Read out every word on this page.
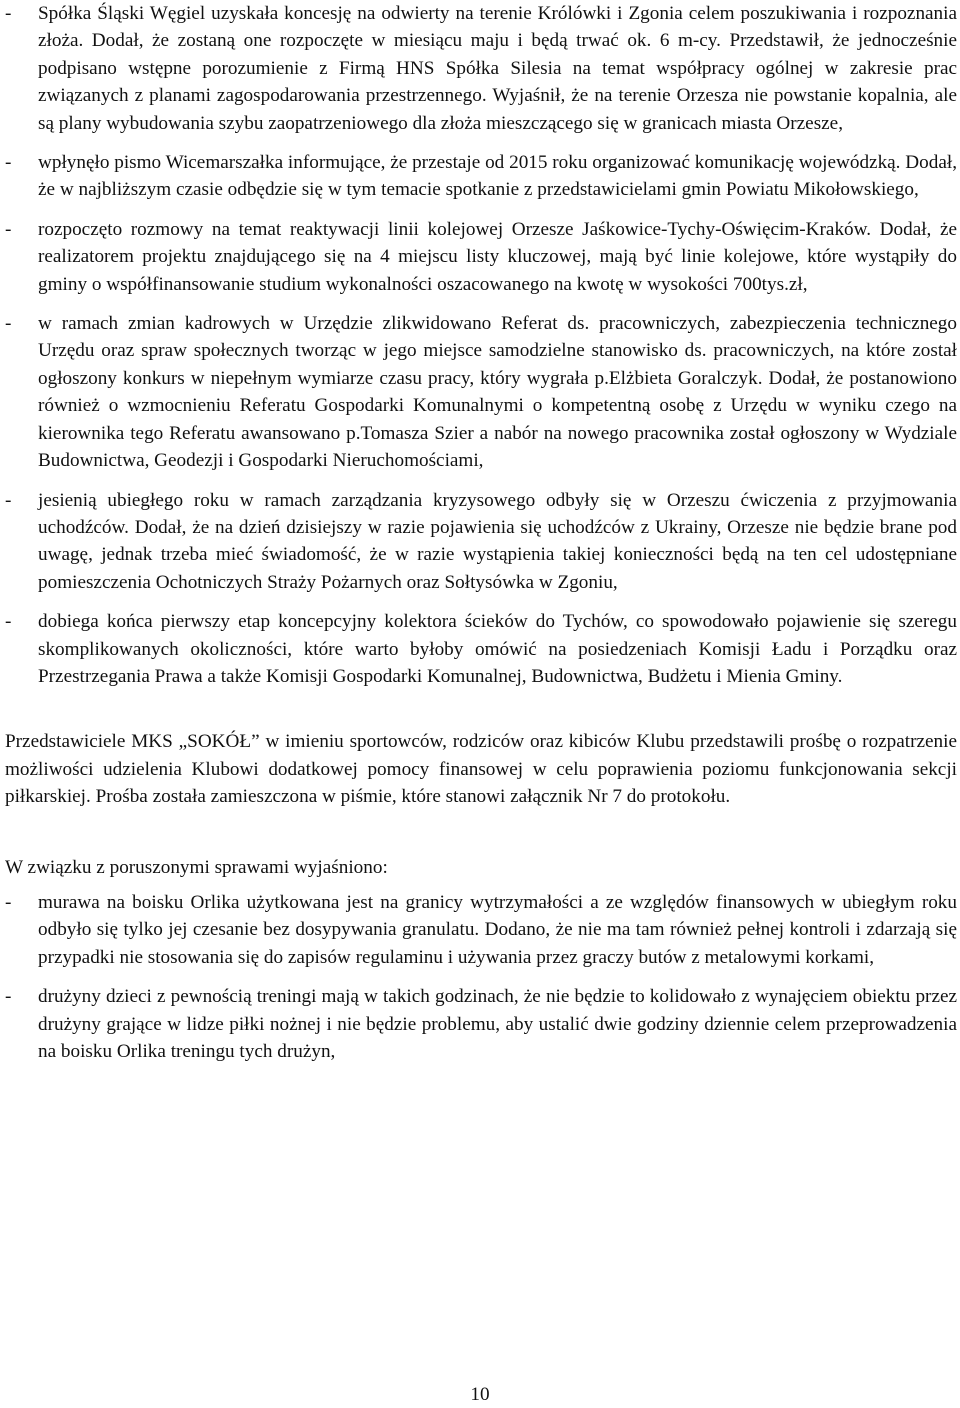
- Spółka Śląski Węgiel uzyskała koncesję na odwierty na terenie Królówki i Zgonia celem poszukiwania i rozpoznania złoża. Dodał, że zostaną one rozpoczęte w miesiącu maju i będą trwać ok. 6 m-cy. Przedstawił, że jednocześnie podpisano wstępne porozumienie z Firmą HNS Spółka Silesia na temat współpracy ogólnej w zakresie prac związanych z planami zagospodarowania przestrzennego. Wyjaśnił, że na terenie Orzesza nie powstanie kopalnia, ale są plany wybudowania szybu zaopatrzeniowego dla złoża mieszczącego się w granicach miasta Orzesze,
- wpłynęło pismo Wicemarszałka informujące, że przestaje od 2015 roku organizować komunikację wojewódzką. Dodał, że w najbliższym czasie odbędzie się w tym temacie spotkanie z przedstawicielami gmin Powiatu Mikołowskiego,
- rozpoczęto rozmowy na temat reaktywacji linii kolejowej Orzesze Jaśkowice-Tychy-Oświęcim-Kraków. Dodał, że realizatorem projektu znajdującego się na 4 miejscu listy kluczowej, mają być linie kolejowe, które wystąpiły do gminy o współfinansowanie studium wykonalności oszacowanego na kwotę w wysokości 700tys.zł,
- w ramach zmian kadrowych w Urzędzie zlikwidowano Referat ds. pracowniczych, zabezpieczenia technicznego Urzędu oraz spraw społecznych tworząc w jego miejsce samodzielne stanowisko ds. pracowniczych, na które został ogłoszony konkurs w niepełnym wymiarze czasu pracy, który wygrała p.Elżbieta Goralczyk. Dodał, że postanowiono również o wzmocnieniu Referatu Gospodarki Komunalnymi o kompetentną osobę z Urzędu w wyniku czego na kierownika tego Referatu awansowano p.Tomasza Szier a nabór na nowego pracownika został ogłoszony w Wydziale Budownictwa, Geodezji i Gospodarki Nieruchomościami,
- jesienią ubiegłego roku w ramach zarządzania kryzysowego odbyły się w Orzeszu ćwiczenia z przyjmowania uchodźców. Dodał, że na dzień dzisiejszy w razie pojawienia się uchodźców z Ukrainy, Orzesze nie będzie brane pod uwagę, jednak trzeba mieć świadomość, że w razie wystąpienia takiej konieczności będą na ten cel udostępniane pomieszczenia Ochotniczych Straży Pożarnych oraz Sołtysówka w Zgoniu,
- dobiega końca pierwszy etap koncepcyjny kolektora ścieków do Tychów, co spowodowało pojawienie się szeregu skomplikowanych okoliczności, które warto byłoby omówić na posiedzeniach Komisji Ładu i Porządku oraz Przestrzegania Prawa a także Komisji Gospodarki Komunalnej, Budownictwa, Budżetu i Mienia Gminy.

Przedstawiciele MKS „SOKÓŁ” w imieniu sportowców, rodziców oraz kibiców Klubu przedstawili prośbę o rozpatrzenie możliwości udzielenia Klubowi dodatkowej pomocy finansowej w celu poprawienia poziomu funkcjonowania sekcji piłkarskiej. Prośba została zamieszczona w piśmie, które stanowi załącznik Nr 7 do protokołu.

W związku z poruszonymi sprawami wyjaśniono:

- murawa na boisku Orlika użytkowana jest na granicy wytrzymałości a ze względów finansowych w ubiegłym roku odbyło się tylko jej czesanie bez dosypywania granulatu. Dodano, że nie ma tam również pełnej kontroli i zdarzają się przypadki nie stosowania się do zapisów regulaminu i używania przez graczy butów z metalowymi korkami,
- drużyny dzieci z pewnością treningi mają w takich godzinach, że nie będzie to kolidowało z wynajęciem obiektu przez drużyny grające w lidze piłki nożnej i nie będzie problemu, aby ustalić dwie godziny dziennie celem przeprowadzenia na boisku Orlika treningu tych drużyn,
10
